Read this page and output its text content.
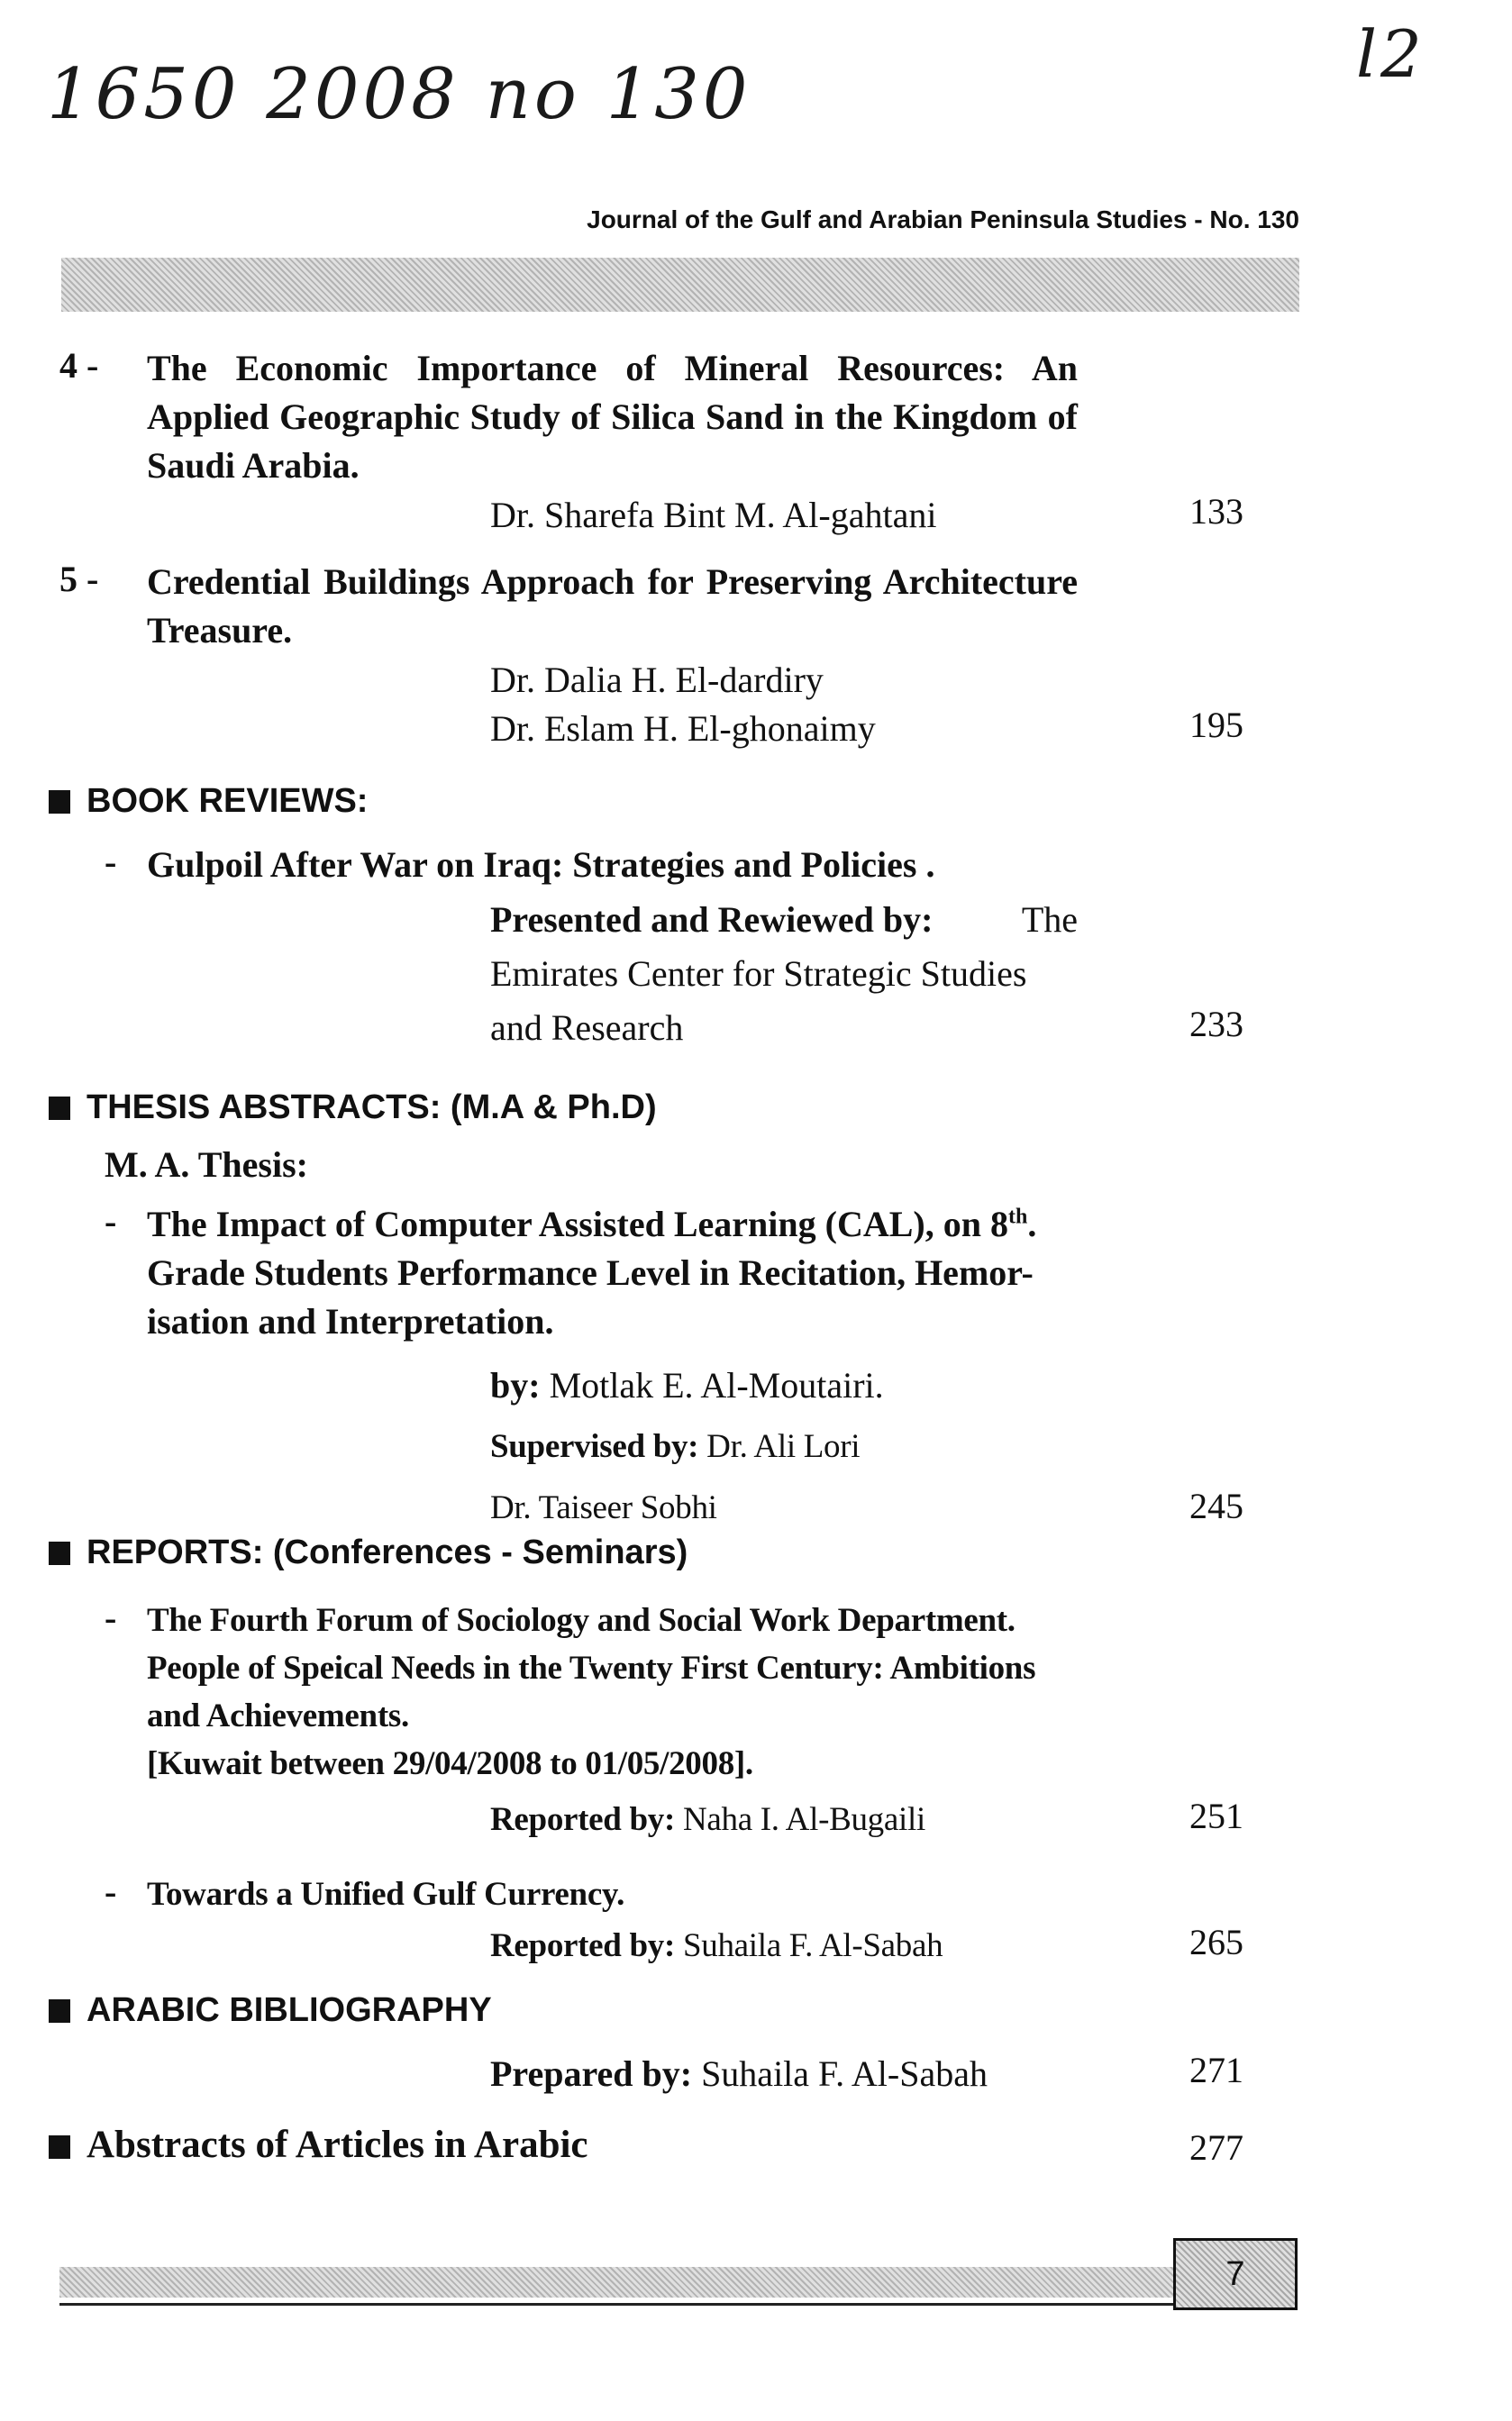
1650 2008 no 130	l2
Journal of the Gulf and Arabian Peninsula Studies - No. 130
4 - The Economic Importance of Mineral Resources: An Applied Geographic Study of Silica Sand in the Kingdom of Saudi Arabia.
Dr. Sharefa Bint M. Al-gahtani	133
5 - Credential Buildings Approach for Preserving Architecture Treasure.
Dr. Dalia H. El-dardiry
Dr. Eslam H. El-ghonaimy	195
BOOK REVIEWS:
- Gulpoil After War on Iraq: Strategies and Policies .
Presented and Rewiewed by: The
Emirates Center for Strategic Studies
and Research	233
THESIS ABSTRACTS: (M.A & Ph.D)
M. A. Thesis:
- The Impact of Computer Assisted Learning (CAL), on 8th.
Grade Students Performance Level in Recitation, Hemor-
isation and Interpretation.
by: Motlak E. Al-Moutairi.
Supervised by: Dr. Ali Lori
Dr. Taiseer Sobhi	245
REPORTS: (Conferences - Seminars)
- The Fourth Forum of Sociology and Social Work Department.
People of Speical Needs in the Twenty First Century: Ambitions
and Achievements.
[Kuwait between 29/04/2008 to 01/05/2008].
Reported by: Naha I. Al-Bugaili	251
- Towards a Unified Gulf Currency.
Reported by: Suhaila F. Al-Sabah	265
ARABIC BIBLIOGRAPHY
Prepared by: Suhaila F. Al-Sabah	271
Abstracts of Articles in Arabic	277
7
